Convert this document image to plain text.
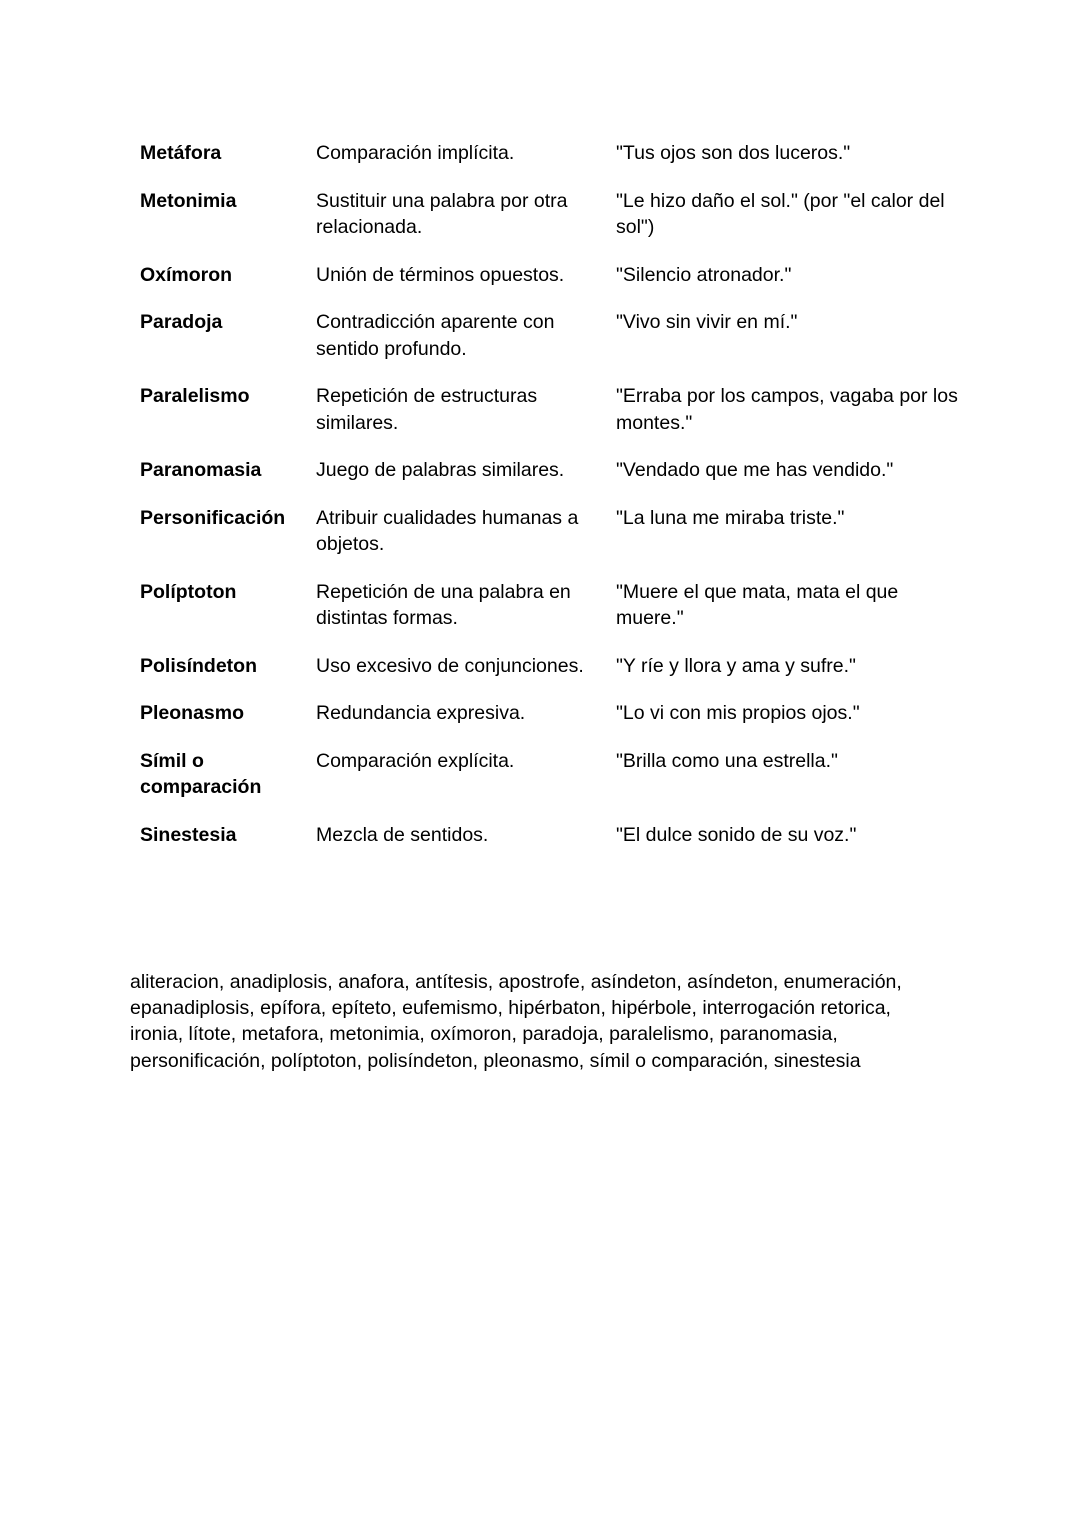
Metáfora	Comparación implícita.	"Tus ojos son dos luceros."
Metonimia	Sustituir una palabra por otra relacionada.	"Le hizo daño el sol." (por "el calor del sol")
Oxímoron	Unión de términos opuestos.	"Silencio atronador."
Paradoja	Contradicción aparente con sentido profundo.	"Vivo sin vivir en mí."
Paralelismo	Repetición de estructuras similares.	"Erraba por los campos, vagaba por los montes."
Paranomasia	Juego de palabras similares.	"Vendado que me has vendido."
Personificación	Atribuir cualidades humanas a objetos.	"La luna me miraba triste."
Políptoton	Repetición de una palabra en distintas formas.	"Muere el que mata, mata el que muere."
Polisíndeton	Uso excesivo de conjunciones.	"Y ríe y llora y ama y sufre."
Pleonasmo	Redundancia expresiva.	"Lo vi con mis propios ojos."
Símil o comparación	Comparación explícita.	"Brilla como una estrella."
Sinestesia	Mezcla de sentidos.	"El dulce sonido de su voz."

aliteracion, anadiplosis, anafora, antítesis, apostrofe, asíndeton, asíndeton, enumeración, epanadiplosis, epífora, epíteto, eufemismo, hipérbaton, hipérbole, interrogación retorica, ironia, lítote, metafora, metonimia, oxímoron, paradoja, paralelismo, paranomasia, personificación, políptoton, polisíndeton, pleonasmo, símil o comparación, sinestesia
